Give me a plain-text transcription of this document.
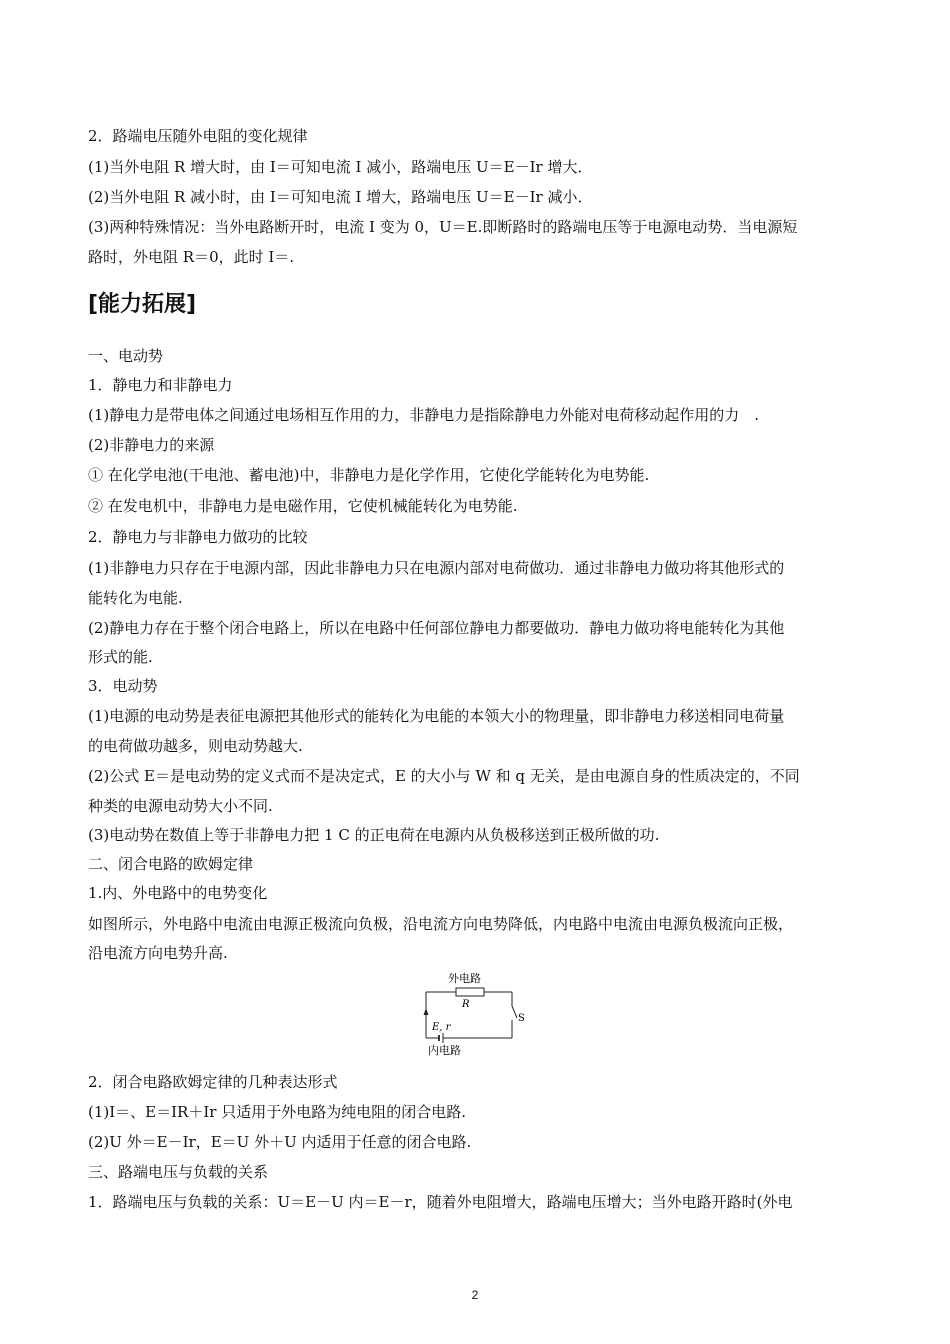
2．路端电压随外电阻的变化规律
(1)当外电阻 R 增大时，由 I＝可知电流 I 减小，路端电压 U＝E－Ir 增大．
(2)当外电阻 R 减小时，由 I＝可知电流 I 增大，路端电压 U＝E－Ir 减小．
(3)两种特殊情况：当外电路断开时，电流 I 变为 0，U＝E.即断路时的路端电压等于电源电动势．当电源短
路时，外电阻 R＝0，此时 I＝.
[能力拓展]
一、电动势
1．静电力和非静电力
(1)静电力是带电体之间通过电场相互作用的力，非静电力是指除静电力外能对电荷移动起作用的力　.
(2)非静电力的来源
① 在化学电池(干电池、蓄电池)中，非静电力是化学作用，它使化学能转化为电势能.
② 在发电机中，非静电力是电磁作用，它使机械能转化为电势能.
2．静电力与非静电力做功的比较
(1)非静电力只存在于电源内部，因此非静电力只在电源内部对电荷做功．通过非静电力做功将其他形式的
能转化为电能.
(2)静电力存在于整个闭合电路上，所以在电路中任何部位静电力都要做功．静电力做功将电能转化为其他
形式的能.
3．电动势
(1)电源的电动势是表征电源把其他形式的能转化为电能的本领大小的物理量，即非静电力移送相同电荷量
的电荷做功越多，则电动势越大.
(2)公式 E＝是电动势的定义式而不是决定式，E 的大小与 W 和 q 无关，是由电源自身的性质决定的，不同
种类的电源电动势大小不同.
(3)电动势在数值上等于非静电力把 1 C 的正电荷在电源内从负极移送到正极所做的功.
二、闭合电路的欧姆定律
1.内、外电路中的电势变化
如图所示，外电路中电流由电源正极流向负极，沿电流方向电势降低，内电路中电流由电源负极流向正极，
沿电流方向电势升高.
外电路
R
S
E, r
内电路
2．闭合电路欧姆定律的几种表达形式
(1)I＝、E＝IR＋Ir 只适用于外电路为纯电阻的闭合电路.
(2)U 外＝E－Ir，E＝U 外＋U 内适用于任意的闭合电路.
三、路端电压与负载的关系
1．路端电压与负载的关系：U＝E－U 内＝E－r，随着外电阻增大，路端电压增大；当外电路开路时(外电
2
